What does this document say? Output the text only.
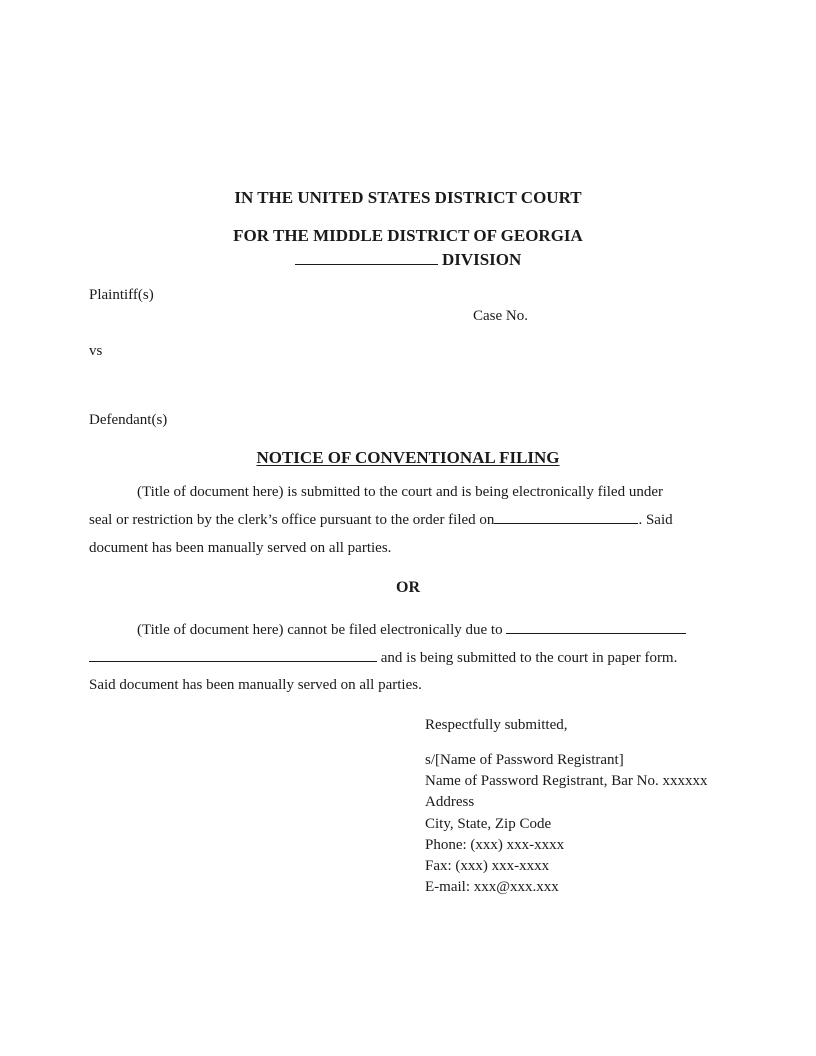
IN THE UNITED STATES DISTRICT COURT
FOR THE MIDDLE DISTRICT OF GEORGIA
DIVISION
Plaintiff(s)
Case No.
vs
Defendant(s)
NOTICE OF CONVENTIONAL FILING
(Title of document here) is submitted to the court and is being electronically filed under
seal or restriction by the clerk’s office pursuant to the order filed on	. Said
document has been manually served on all parties.
OR
(Title of document here) cannot be filed electronically due to
and is being submitted to the court in paper form.
Said document has been manually served on all parties.
Respectfully submitted,
s/[Name of Password Registrant]
Name of Password Registrant, Bar No. xxxxxx
Address
City, State, Zip Code
Phone: (xxx) xxx-xxxx
Fax: (xxx) xxx-xxxx
E-mail: xxx@xxx.xxx
